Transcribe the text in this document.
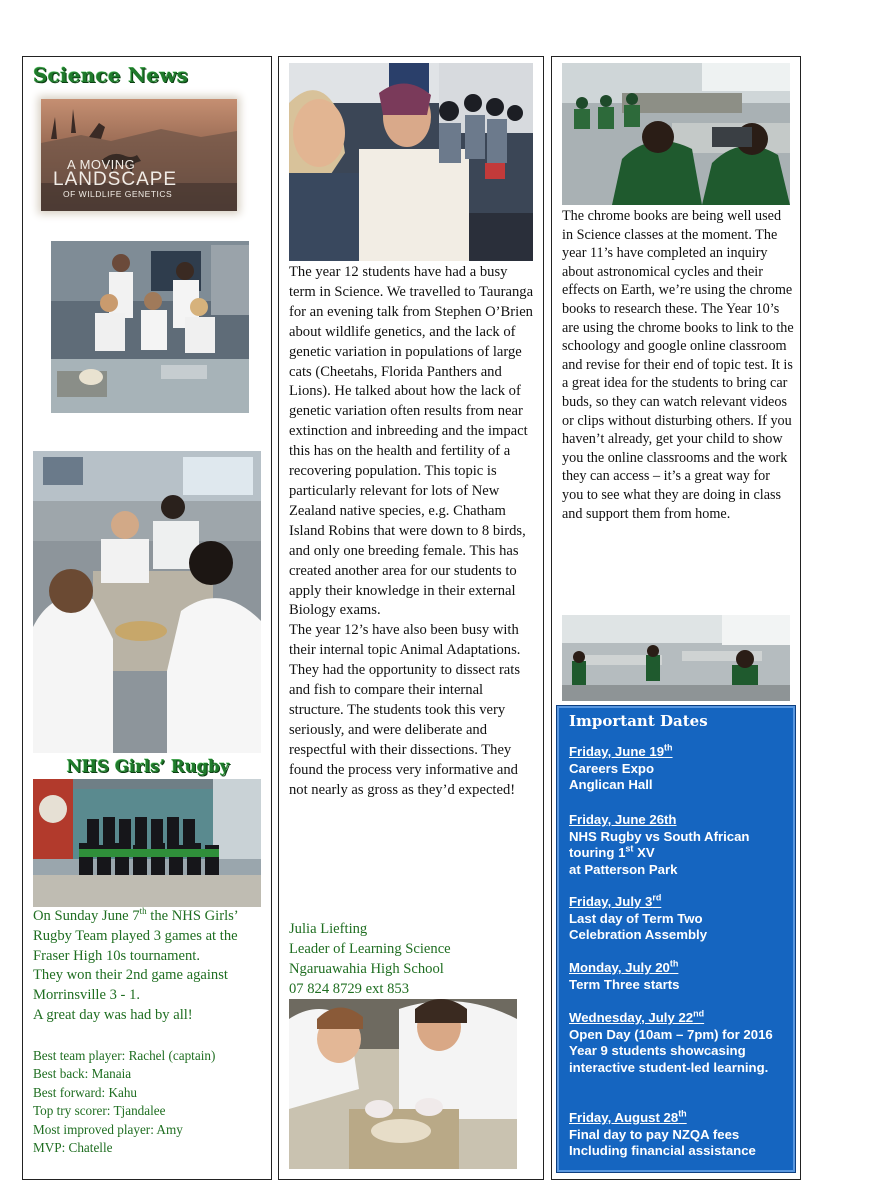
Science News
A MOVING
LANDSCAPE
OF WILDLIFE GENETICS
NHS Girls’ Rugby
On Sunday June 7th the NHS Girls’ Rugby Team played 3 games at the Fraser High 10s tournament.
They won their 2nd game against Morrinsville 3 - 1.
A great day was had by all!
Best team player: Rachel (captain)
Best back: Manaia
Best forward: Kahu
Top try scorer: Tjandalee
Most improved player: Amy
MVP: Chatelle
The year 12 students have had a busy term in Science. We travelled to Tauranga for an evening talk from Stephen O’Brien about wildlife genetics, and the lack of genetic variation in populations of large cats (Cheetahs, Florida Panthers and Lions). He talked about how the lack of genetic variation often results from near extinction and inbreeding and the impact this has on the health and fertility of a recovering population. This topic is particularly relevant for lots of New Zealand native species, e.g. Chatham Island Robins that were down to 8 birds, and only one breeding female. This has created another area for our students to apply their knowledge in their external Biology exams.
The year 12’s have also been busy with their internal topic Animal Adaptations. They had the opportunity to dissect rats and fish to compare their internal structure. The students took this very seriously, and were deliberate and respectful with their dissections. They found the process very informative and not nearly as gross as they’d expected!
Julia Liefting
Leader of Learning Science
Ngaruawahia High School
07 824 8729 ext 853
The chrome books are being well used in Science classes at the moment. The year 11’s have completed an inquiry about astronomical cycles and their effects on Earth, we’re using the chrome books to research these. The Year 10’s are using the chrome books to link to the schoology and google online classroom and revise for their end of topic test. It is a great idea for the students to bring car buds, so they can watch relevant videos or clips without disturbing others. If you haven’t already, get your child to show you the online classrooms and the work they can access – it’s a great way for you to see what they are doing in class and support them from home.
Important Dates
Friday, June 19th
Careers Expo
Anglican Hall
Friday, June 26th
NHS Rugby vs South African touring 1st XV
at Patterson Park
Friday, July 3rd
Last day of Term Two
Celebration Assembly
Monday, July 20th
Term Three starts
Wednesday, July 22nd
Open Day (10am – 7pm) for 2016 Year 9 students showcasing interactive student-led learning.
Friday, August 28th
Final day to pay NZQA fees
Including financial assistance
